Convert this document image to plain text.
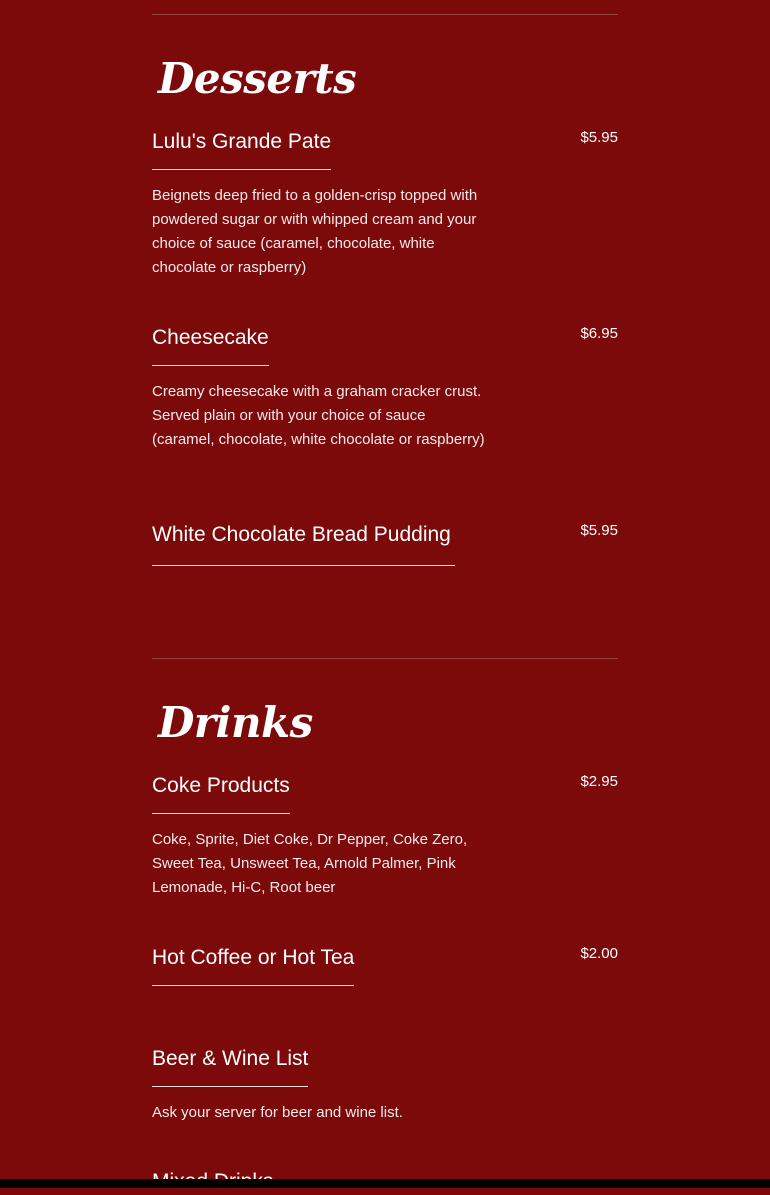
Desserts
Lulu's Grande Pate	$5.95
Beignets deep fried to a golden-crisp topped with powdered sugar or with whipped cream and your choice of sauce (caramel, chocolate, white chocolate or raspberry)
Cheesecake	$6.95
Creamy cheesecake with a graham cracker crust. Served plain or with your choice of sauce (caramel, chocolate, white chocolate or raspberry)
White Chocolate Bread Pudding	$5.95
Drinks
Coke Products	$2.95
Coke, Sprite, Diet Coke, Dr Pepper, Coke Zero, Sweet Tea, Unsweet Tea, Arnold Palmer, Pink Lemonade, Hi-C, Root beer
Hot Coffee or Hot Tea	$2.00
Beer & Wine List
Ask your server for beer and wine list.
